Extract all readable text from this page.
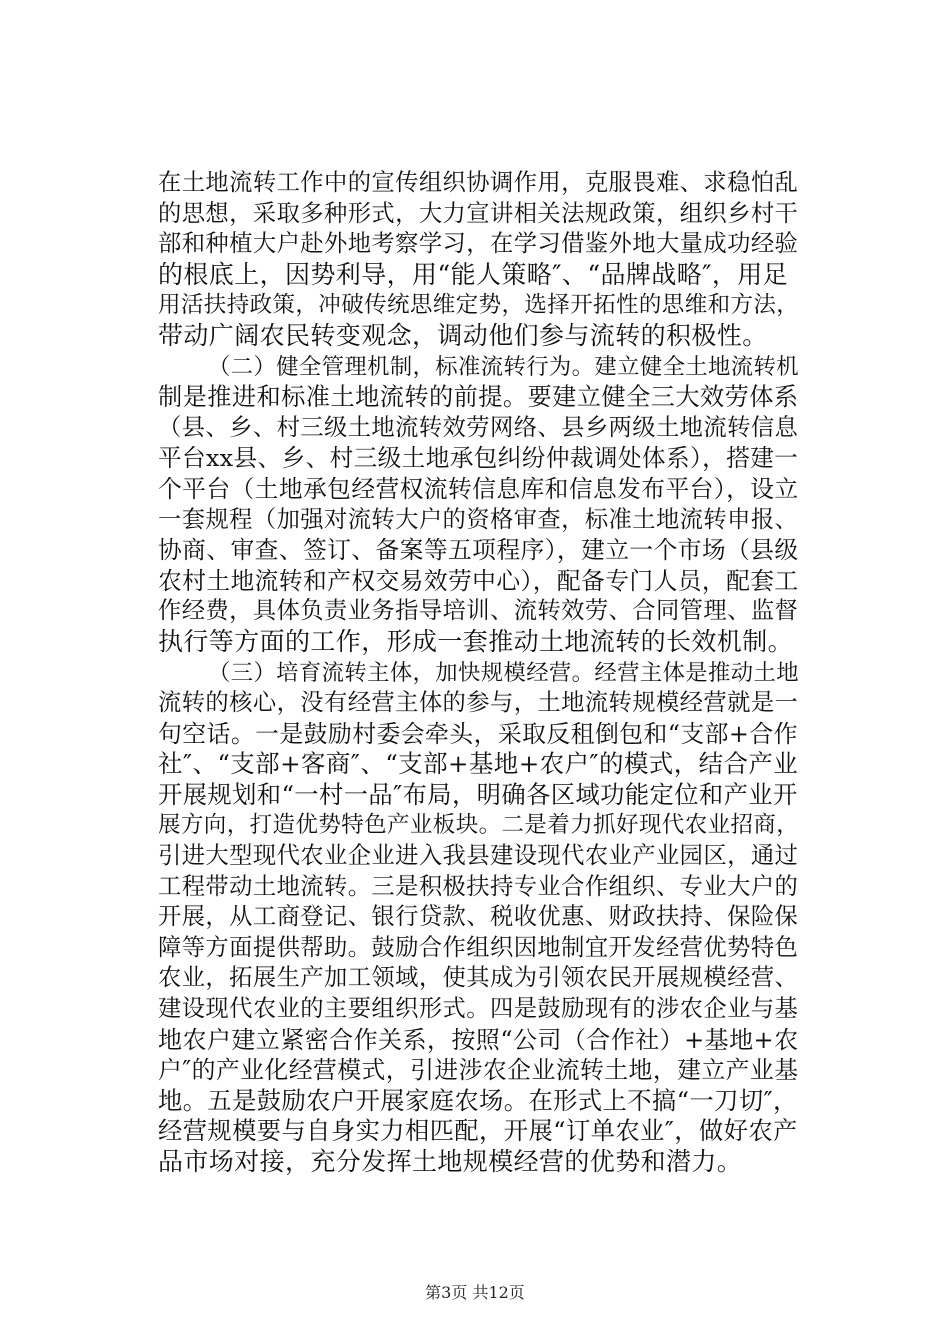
在土地流转工作中的宣传组织协调作用，克服畏难、求稳怕乱
的思想，采取多种形式，大力宣讲相关法规政策，组织乡村干
部和种植大户赴外地考察学习，在学习借鉴外地大量成功经验
的根底上，因势利导，用“能人策略″、“品牌战略″，用足
用活扶持政策，冲破传统思维定势，选择开拓性的思维和方法，
带动广阔农民转变观念，调动他们参与流转的积极性。
（二）健全管理机制，标准流转行为。建立健全土地流转机
制是推进和标准土地流转的前提。要建立健全三大效劳体系
（县、乡、村三级土地流转效劳网络、县乡两级土地流转信息
平台xx县、乡、村三级土地承包纠纷仲裁调处体系），搭建一
个平台（土地承包经营权流转信息库和信息发布平台），设立
一套规程（加强对流转大户的资格审查，标准土地流转申报、
协商、审查、签订、备案等五项程序），建立一个市场（县级
农村土地流转和产权交易效劳中心），配备专门人员，配套工
作经费，具体负责业务指导培训、流转效劳、合同管理、监督
执行等方面的工作，形成一套推动土地流转的长效机制。
（三）培育流转主体，加快规模经营。经营主体是推动土地
流转的核心，没有经营主体的参与，土地流转规模经营就是一
句空话。一是鼓励村委会牵头，采取反租倒包和“支部+合作
社″、“支部+客商″、“支部+基地+农户″的模式，结合产业
开展规划和“一村一品″布局，明确各区域功能定位和产业开
展方向，打造优势特色产业板块。二是着力抓好现代农业招商，
引进大型现代农业企业进入我县建设现代农业产业园区，通过
工程带动土地流转。三是积极扶持专业合作组织、专业大户的
开展，从工商登记、银行贷款、税收优惠、财政扶持、保险保
障等方面提供帮助。鼓励合作组织因地制宜开发经营优势特色
农业，拓展生产加工领域，使其成为引领农民开展规模经营、
建设现代农业的主要组织形式。四是鼓励现有的涉农企业与基
地农户建立紧密合作关系，按照“公司（合作社）+基地+农
户″的产业化经营模式，引进涉农企业流转土地，建立产业基
地。五是鼓励农户开展家庭农场。在形式上不搞“一刀切″，
经营规模要与自身实力相匹配，开展“订单农业″，做好农产
品市场对接，充分发挥土地规模经营的优势和潜力。
第3页 共12页
